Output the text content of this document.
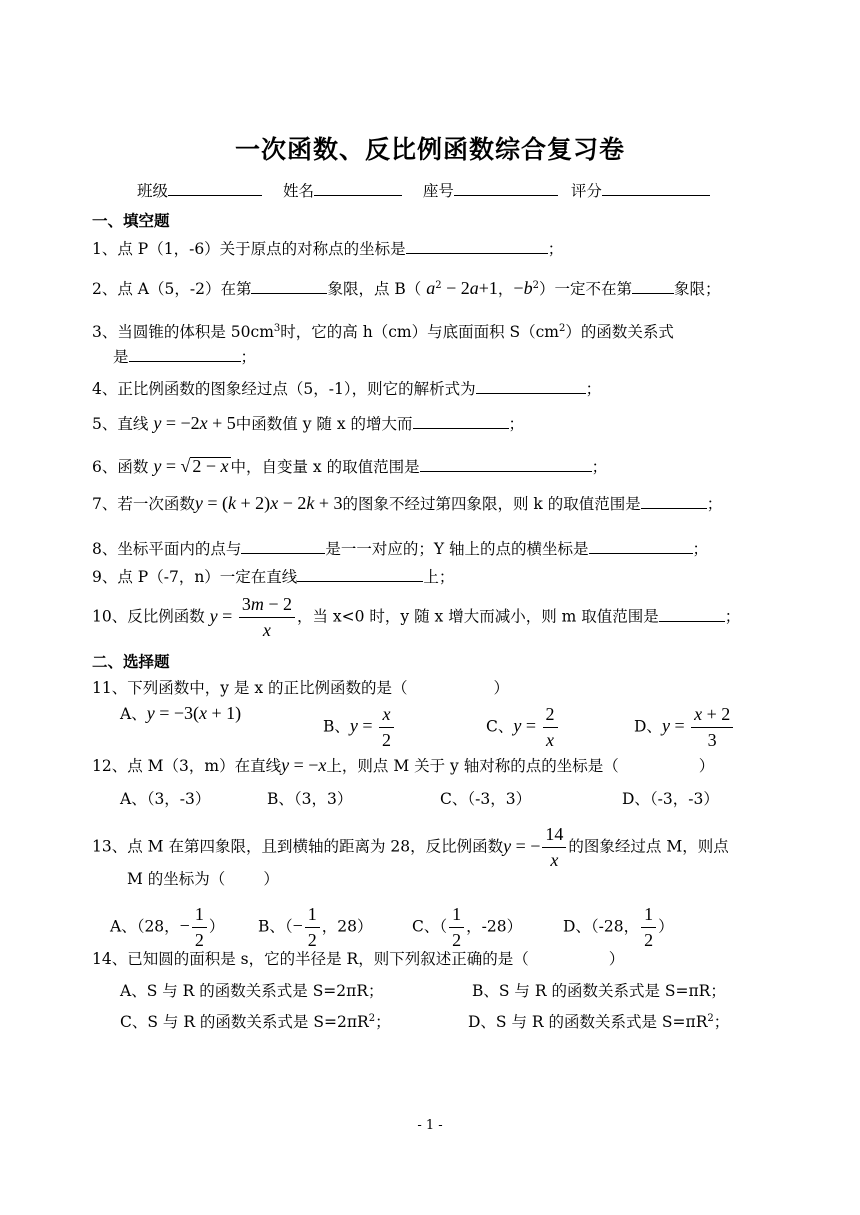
一次函数、反比例函数综合复习卷
班级	姓名	座号	评分
一、填空题
1、点 P（1，-6）关于原点的对称点的坐标是	；
2、点 A（5，-2）在第	象限，点 B（ $a^2 - 2a+1$，$-b^2$）一定不在第	象限；
3、当圆锥的体积是 $50cm^3$时，它的高 h（cm）与底面面积 $S(cm^2)$的函数关系式
是	；
4、正比例函数的图象经过点（5，-1），则它的解析式为	；
5、直线 y = −2x + 5中函数值 y 随 x 的增大而	；
6、函数 y = √ 2 − x 中，自变量 x 的取值范围是	；
7、若一次函数y = (k + 2)x − 2k + 3的图象不经过第四象限，则 k 的取值范围是	；
8、坐标平面内的点与	是一一对应的；Y 轴上的点的横坐标是	；
9、点 P（-7，n）一定在直线	上；
10、反比例函数 $y = \frac{3m - 2}{x}$ ，当 x<0 时，y 随 x 增大而减小，则 m 取值范围是	；
二、选择题
11、下列函数中，y 是 x 的正比例函数的是（	）
A、y = −3(x + 1)
B、$y = \frac{x}{2}$	C、$y = \frac{2}{x}$	D、$y = \frac{x + 2}{3}$
12、点 M（3，m）在直线y = −x上，则点 M 关于 y 轴对称的点的坐标是（	）
A、（3，-3）	B、（3，3）	C、（-3，3）	D、（-3，-3）
13、点 M 在第四象限，且到横轴的距离为 28，反比例函数y = − $\frac{14}{x}$ 的图象经过点 M，则点
M 的坐标为（ ）
A、（28，− $\frac{1}{2}$ ） B、（− $\frac{1}{2}$ ，28）	C、（ $\frac{1}{2}$ ，-28）	D、（-28， $\frac{1}{2}$ ）
14、已知圆的面积是 s，它的半径是 R，则下列叙述正确的是（	）
A、S 与 R 的函数关系式是 S=2πR；	B、S 与 R 的函数关系式是 S=πR；
C、S 与 R 的函数关系式是 $S=2\pi R^2$；	D、S 与 R 的函数关系式是 $S=\pi R^2$；
- 1 -
